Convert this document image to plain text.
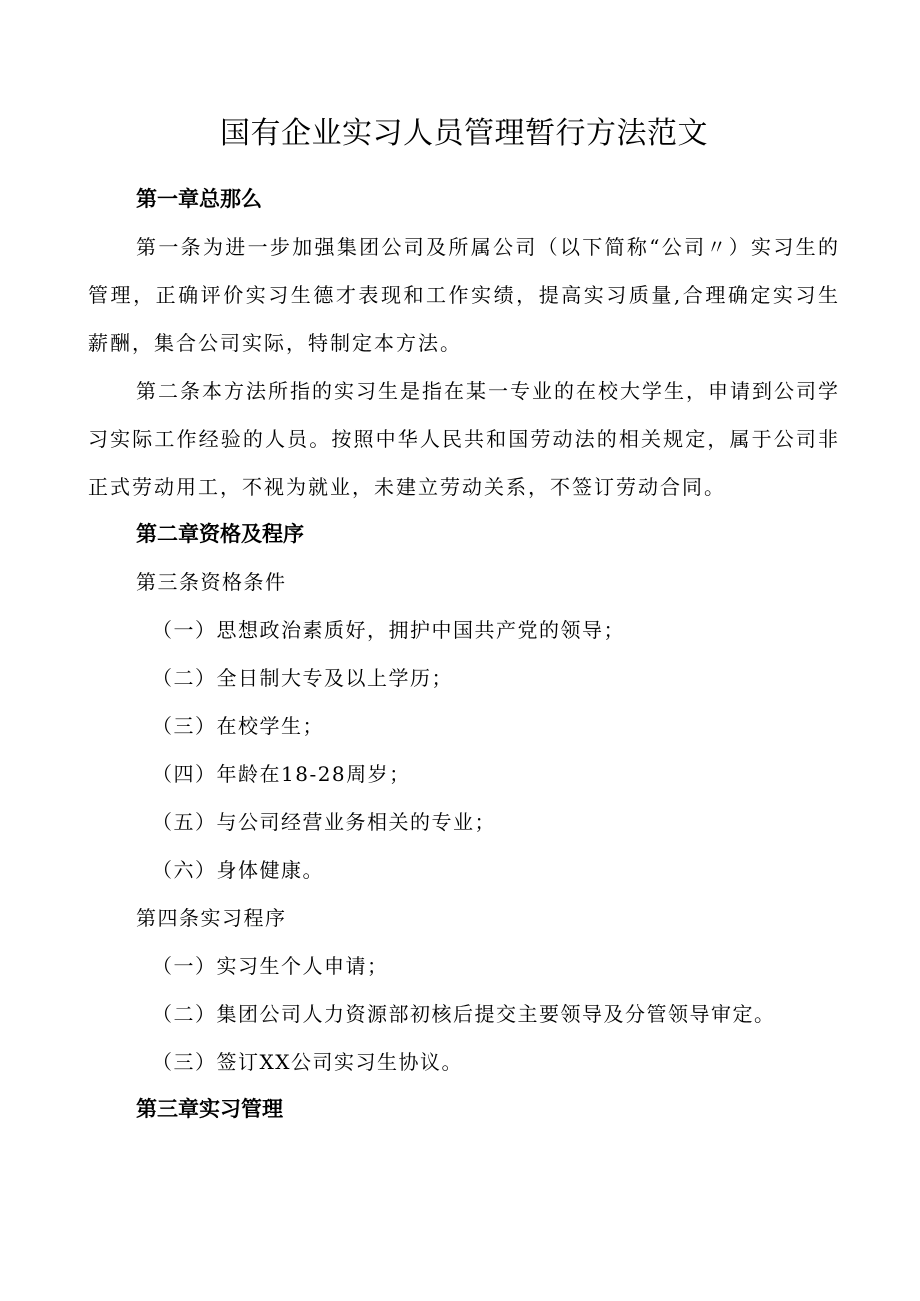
国有企业实习人员管理暂行方法范文
第一章总那么

第一条为进一步加强集团公司及所属公司（以下简称“公司〃）实习生的管理，正确评价实习生德才表现和工作实绩，提高实习质量,合理确定实习生薪酬，集合公司实际，特制定本方法。

第二条本方法所指的实习生是指在某一专业的在校大学生，申请到公司学习实际工作经验的人员。按照中华人民共和国劳动法的相关规定，属于公司非正式劳动用工，不视为就业，未建立劳动关系，不签订劳动合同。

第二章资格及程序

第三条资格条件

（一）思想政治素质好，拥护中国共产党的领导；

（二）全日制大专及以上学历；

（三）在校学生；

（四）年龄在18-28周岁；

（五）与公司经营业务相关的专业；

（六）身体健康。

第四条实习程序

（一）实习生个人申请；

（二）集团公司人力资源部初核后提交主要领导及分管领导审定。

（三）签订XX公司实习生协议。

第三章实习管理
